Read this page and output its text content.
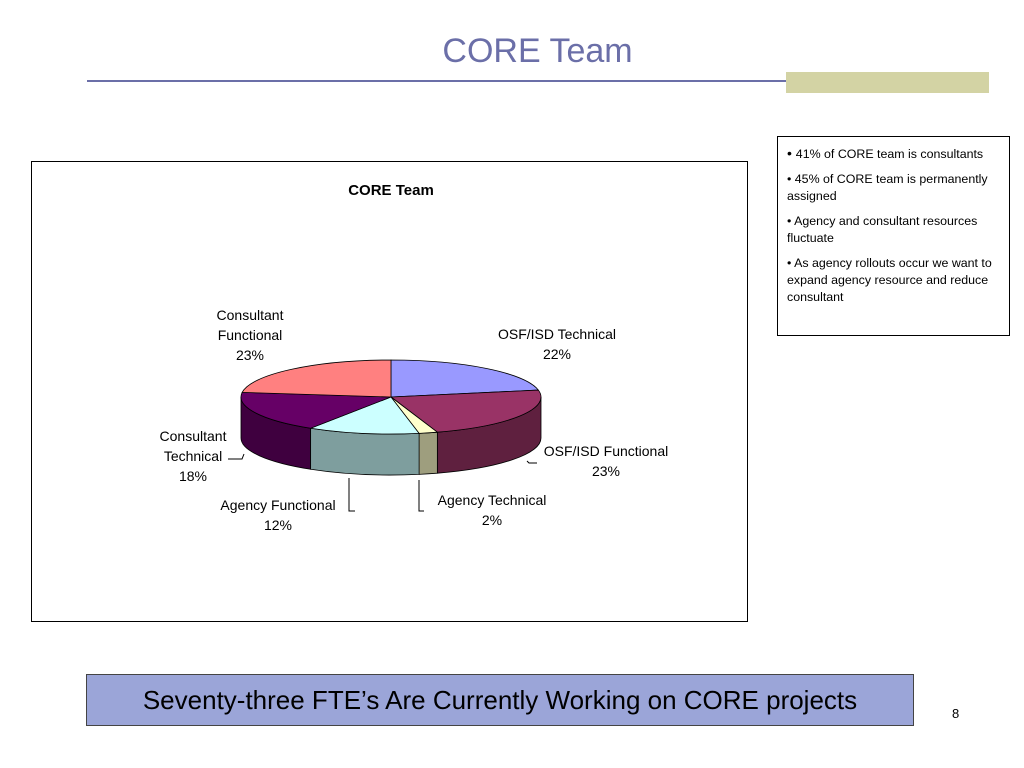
CORE Team
CORE Team
OSF/ISD Technical 22%
OSF/ISD Functional 23%
Agency Technical 2%
Agency Functional 12%
Consultant Technical 18%
Consultant Functional 23%
• 41% of CORE team is consultants
• 45% of CORE team is permanently assigned
• Agency and consultant resources fluctuate
• As agency rollouts occur we want to expand agency resource and reduce consultant
Seventy-three FTE’s Are Currently Working on CORE projects	8
